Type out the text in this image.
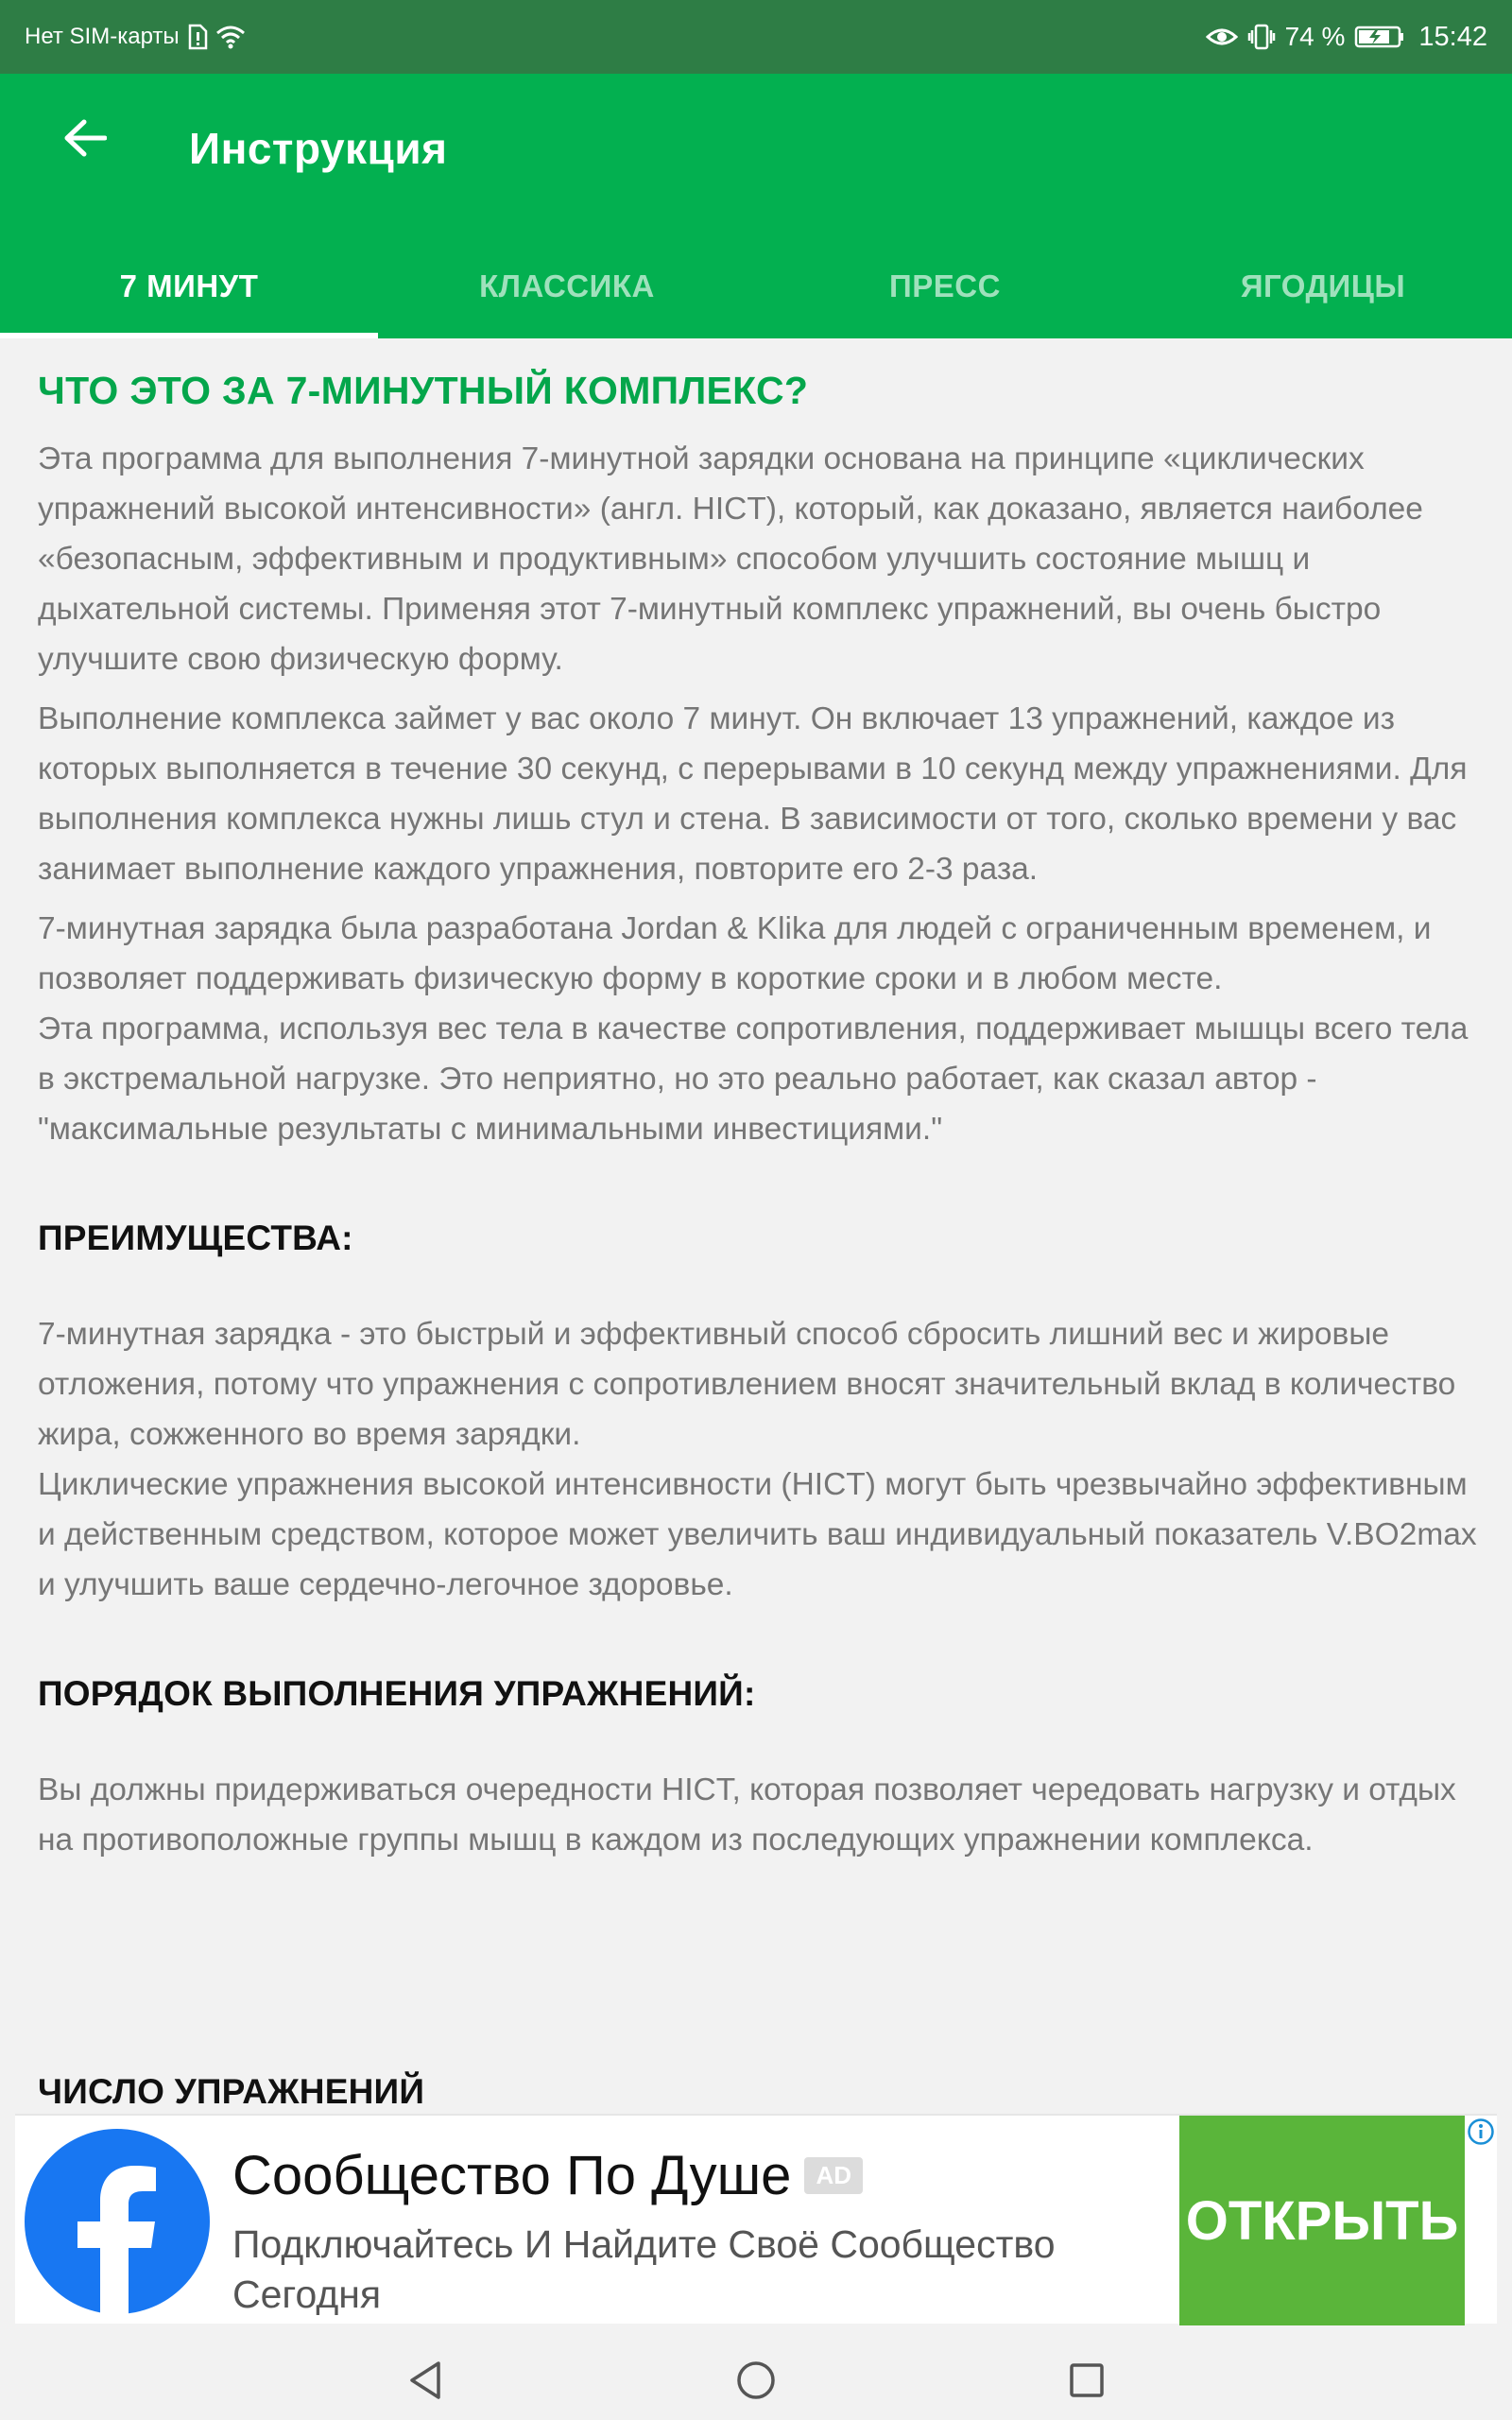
Нет SIM-карты	74 %	15:42
Инструкция
7 МИНУТ	КЛАССИКА	ПРЕСС	ЯГОДИЦЫ
ЧТО ЭТО ЗА 7-МИНУТНЫЙ КОМПЛЕКС?

Эта программа для выполнения 7-минутной зарядки основана на принципе «циклических упражнений высокой интенсивности» (англ. HICT), который, как доказано, является наиболее «безопасным, эффективным и продуктивным» способом улучшить состояние мышц и дыхательной системы. Применяя этот 7-минутный комплекс упражнений, вы очень быстро улучшите свою физическую форму.

Выполнение комплекса займет у вас около 7 минут. Он включает 13 упражнений, каждое из которых выполняется в течение 30 секунд, с перерывами в 10 секунд между упражнениями. Для выполнения комплекса нужны лишь стул и стена. В зависимости от того, сколько времени у вас занимает выполнение каждого упражнения, повторите его 2-3 раза.

7-минутная зарядка была разработана Jordan & Klika для людей с ограниченным временем, и позволяет поддерживать физическую форму в короткие сроки и в любом месте.

Эта программа, используя вес тела в качестве сопротивления, поддерживает мышцы всего тела в экстремальной нагрузке. Это неприятно, но это реально работает, как сказал автор - "максимальные результаты с минимальными инвестициями."

ПРЕИМУЩЕСТВА:

7-минутная зарядка - это быстрый и эффективный способ сбросить лишний вес и жировые отложения, потому что упражнения с сопротивлением вносят значительный вклад в количество жира, сожженного во время зарядки.

Циклические упражнения высокой интенсивности (HICT) могут быть чрезвычайно эффективным и действенным средством, которое может увеличить ваш индивидуальный показатель V.BO2max и улучшить ваше сердечно-легочное здоровье.

ПОРЯДОК ВЫПОЛНЕНИЯ УПРАЖНЕНИЙ:

Вы должны придерживаться очередности HICT, которая позволяет чередовать нагрузку и отдых на противоположные группы мышц в каждом из последующих упражнении комплекса.

ЧИСЛО УПРАЖНЕНИЙ
Сообщество По Душе	AD
Подключайтесь И Найдите Своё Сообщество Сегодня
ОТКРЫТЬ
